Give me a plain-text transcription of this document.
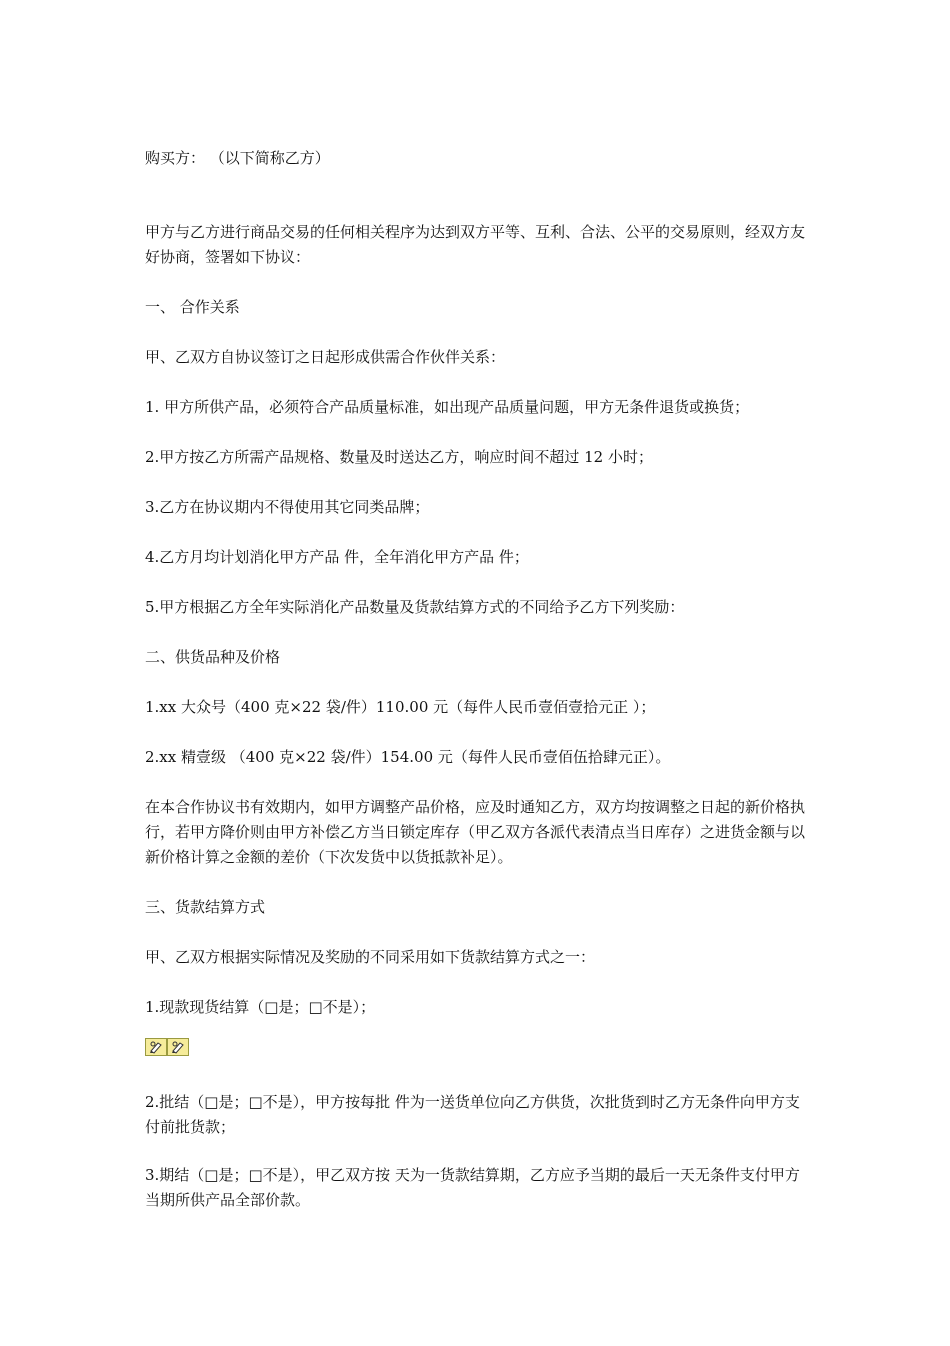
购买方： （以下简称乙方）

甲方与乙方进行商品交易的任何相关程序为达到双方平等、互利、合法、公平的交易原则，经双方友好协商，签署如下协议：

一、 合作关系

甲、乙双方自协议签订之日起形成供需合作伙伴关系：

1. 甲方所供产品，必须符合产品质量标准，如出现产品质量问题，甲方无条件退货或换货；

2.甲方按乙方所需产品规格、数量及时送达乙方，响应时间不超过 12 小时；

3.乙方在协议期内不得使用其它同类品牌；

4.乙方月均计划消化甲方产品 件，全年消化甲方产品 件；

5.甲方根据乙方全年实际消化产品数量及货款结算方式的不同给予乙方下列奖励：

二、供货品种及价格

1.xx 大众号（400 克×22 袋/件）110.00 元（每件人民币壹佰壹拾元正 ）；

2.xx 精壹级 （400 克×22 袋/件）154.00 元（每件人民币壹佰伍拾肆元正）。

在本合作协议书有效期内，如甲方调整产品价格，应及时通知乙方，双方均按调整之日起的新价格执行，若甲方降价则由甲方补偿乙方当日锁定库存（甲乙双方各派代表清点当日库存）之进货金额与以新价格计算之金额的差价（下次发货中以货抵款补足）。

三、货款结算方式

甲、乙双方根据实际情况及奖励的不同采用如下货款结算方式之一：

1.现款现货结算（□是；□不是）；

2.批结（□是；□不是），甲方按每批 件为一送货单位向乙方供货，次批货到时乙方无条件向甲方支付前批货款；

3.期结（□是；□不是），甲乙双方按 天为一货款结算期，乙方应予当期的最后一天无条件支付甲方当期所供产品全部价款。
